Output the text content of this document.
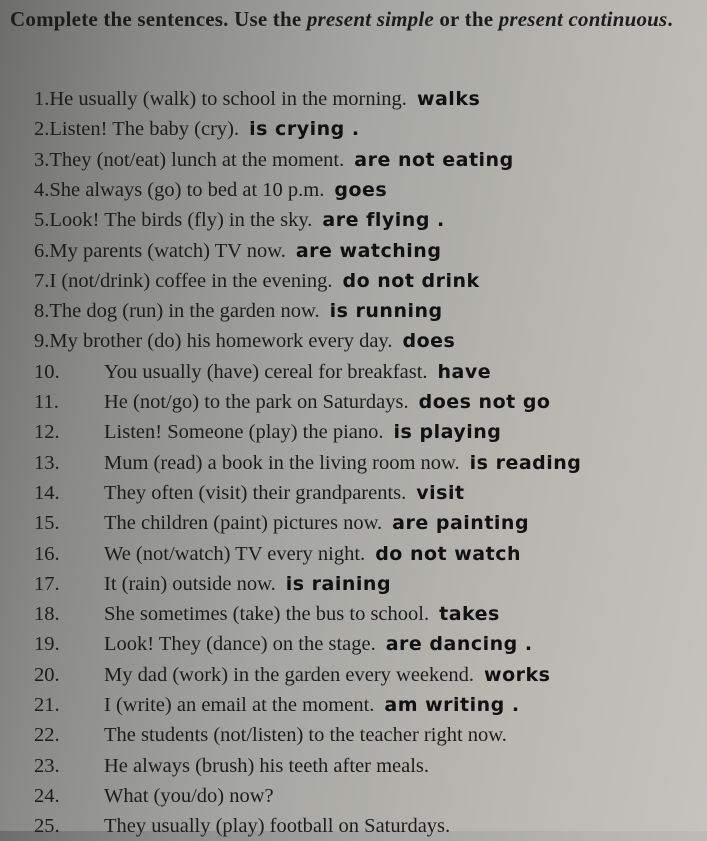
Complete the sentences. Use the present simple or the present continuous.
1.He usually (walk) to school in the morning. walks
2.Listen! The baby (cry). is crying .
3.They (not/eat) lunch at the moment. are not eating
4.She always (go) to bed at 10 p.m. goes
5.Look! The birds (fly) in the sky. are flying .
6.My parents (watch) TV now. are watching
7.I (not/drink) coffee in the evening. do not drink
8.The dog (run) in the garden now. is running
9.My brother (do) his homework every day. does
10. You usually (have) cereal for breakfast. have
11. He (not/go) to the park on Saturdays. does not go
12. Listen! Someone (play) the piano. is playing
13. Mum (read) a book in the living room now. is reading
14. They often (visit) their grandparents. visit
15. The children (paint) pictures now. are painting
16. We (not/watch) TV every night. do not watch
17. It (rain) outside now. is raining
18. She sometimes (take) the bus to school. takes
19. Look! They (dance) on the stage. are dancing .
20. My dad (work) in the garden every weekend. works
21. I (write) an email at the moment. am writing .
22. The students (not/listen) to the teacher right now.
23. He always (brush) his teeth after meals.
24. What (you/do) now?
25. They usually (play) football on Saturdays.
